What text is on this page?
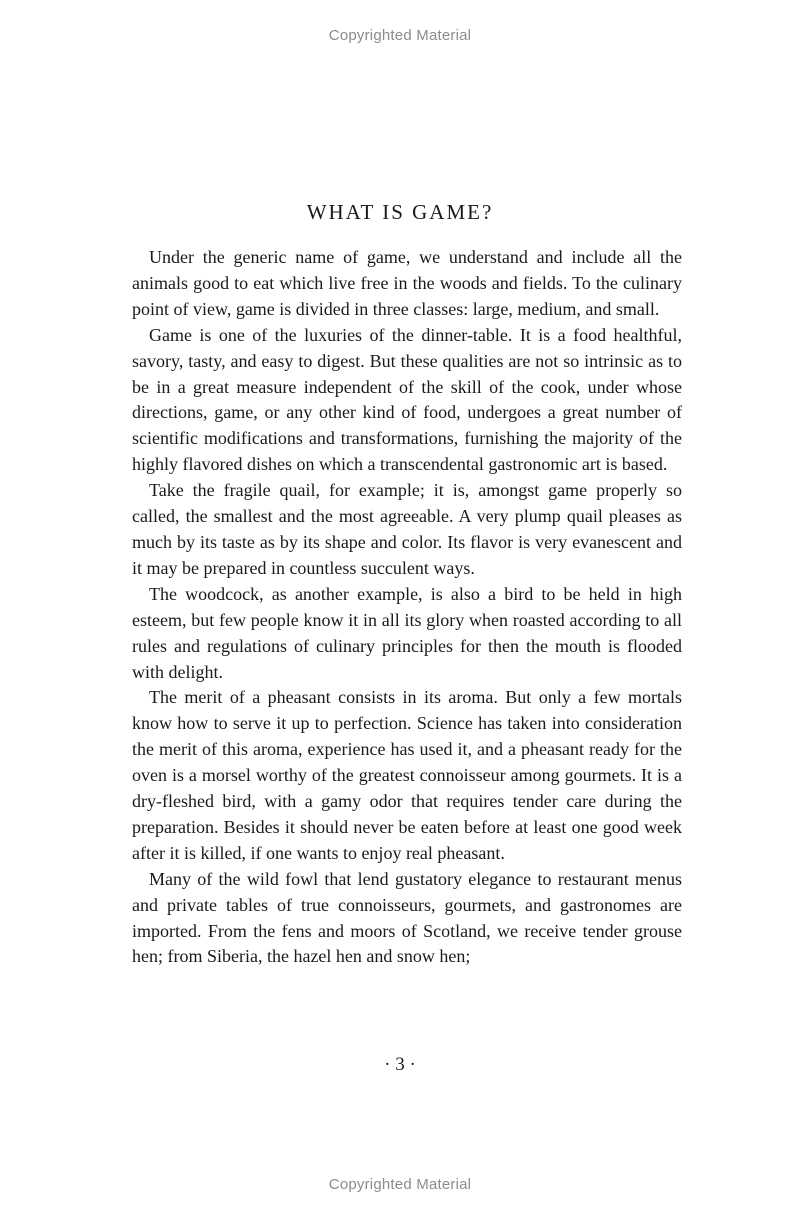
Copyrighted Material
WHAT IS GAME?

Under the generic name of game, we understand and include all the animals good to eat which live free in the woods and fields. To the culinary point of view, game is divided in three classes: large, medium, and small.

Game is one of the luxuries of the dinner-table. It is a food healthful, savory, tasty, and easy to digest. But these qualities are not so intrinsic as to be in a great measure independent of the skill of the cook, under whose directions, game, or any other kind of food, undergoes a great number of scientific modifications and transformations, furnishing the majority of the highly flavored dishes on which a transcendental gastronomic art is based.

Take the fragile quail, for example; it is, amongst game properly so called, the smallest and the most agreeable. A very plump quail pleases as much by its taste as by its shape and color. Its flavor is very evanescent and it may be prepared in countless succulent ways.

The woodcock, as another example, is also a bird to be held in high esteem, but few people know it in all its glory when roasted according to all rules and regulations of culinary principles for then the mouth is flooded with delight.

The merit of a pheasant consists in its aroma. But only a few mortals know how to serve it up to perfection. Science has taken into consideration the merit of this aroma, experience has used it, and a pheasant ready for the oven is a morsel worthy of the greatest connoisseur among gourmets. It is a dry-fleshed bird, with a gamy odor that requires tender care during the preparation. Besides it should never be eaten before at least one good week after it is killed, if one wants to enjoy real pheasant.

Many of the wild fowl that lend gustatory elegance to restaurant menus and private tables of true connoisseurs, gourmets, and gastronomes are imported. From the fens and moors of Scotland, we receive tender grouse hen; from Siberia, the hazel hen and snow hen;

· 3 ·
Copyrighted Material
